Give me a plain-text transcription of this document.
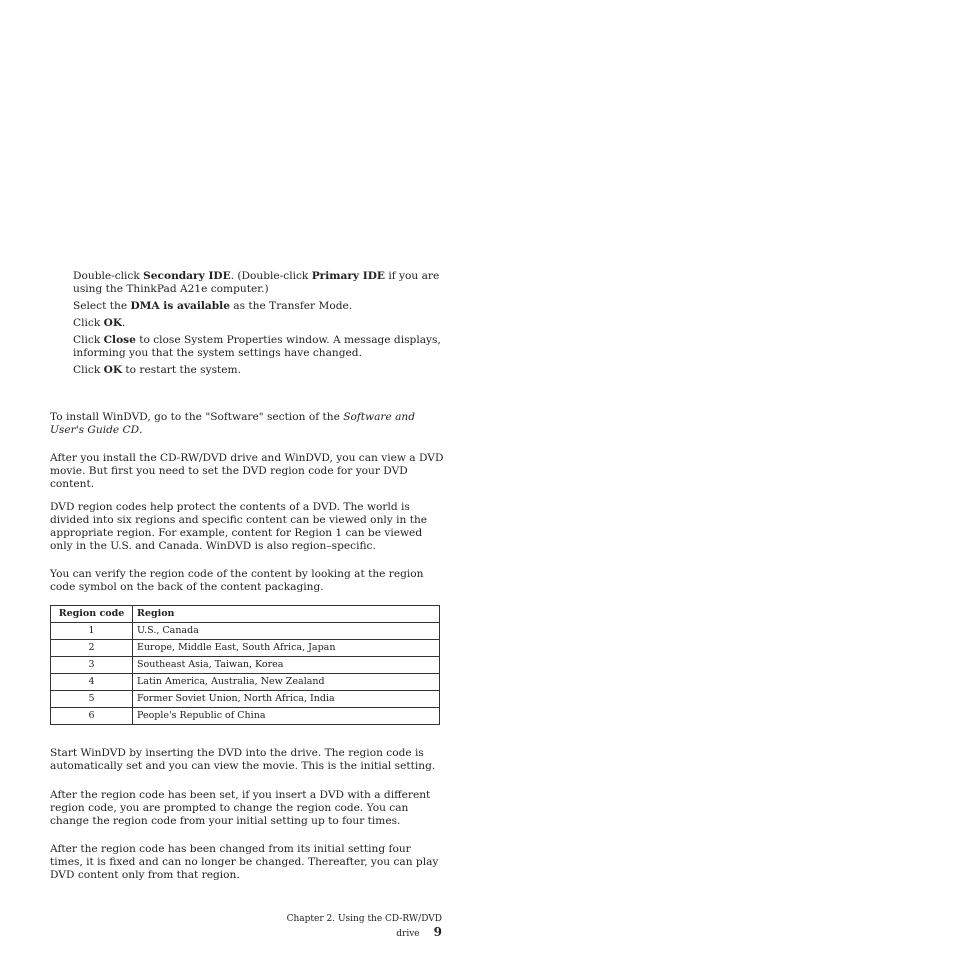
Double-click Secondary IDE. (Double-click Primary IDE if you are using the ThinkPad A21e computer.)
Select the DMA is available as the Transfer Mode.
Click OK.
Click Close to close System Properties window. A message displays, informing you that the system settings have changed.
Click OK to restart the system.

To install WinDVD, go to the "Software" section of the Software and User's Guide CD.

After you install the CD-RW/DVD drive and WinDVD, you can view a DVD movie. But first you need to set the DVD region code for your DVD content.

DVD region codes help protect the contents of a DVD. The world is divided into six regions and specific content can be viewed only in the appropriate region. For example, content for Region 1 can be viewed only in the U.S. and Canada. WinDVD is also region–specific.

You can verify the region code of the content by looking at the region code symbol on the back of the content packaging.

Region code	Region
1	U.S., Canada
2	Europe, Middle East, South Africa, Japan
3	Southeast Asia, Taiwan, Korea
4	Latin America, Australia, New Zealand
5	Former Soviet Union, North Africa, India
6	People's Republic of China

Start WinDVD by inserting the DVD into the drive. The region code is automatically set and you can view the movie. This is the initial setting.

After the region code has been set, if you insert a DVD with a different region code, you are prompted to change the region code. You can change the region code from your initial setting up to four times.

After the region code has been changed from its initial setting four times, it is fixed and can no longer be changed. Thereafter, you can play DVD content only from that region.

Chapter 2. Using the CD-RW/DVD drive 9
